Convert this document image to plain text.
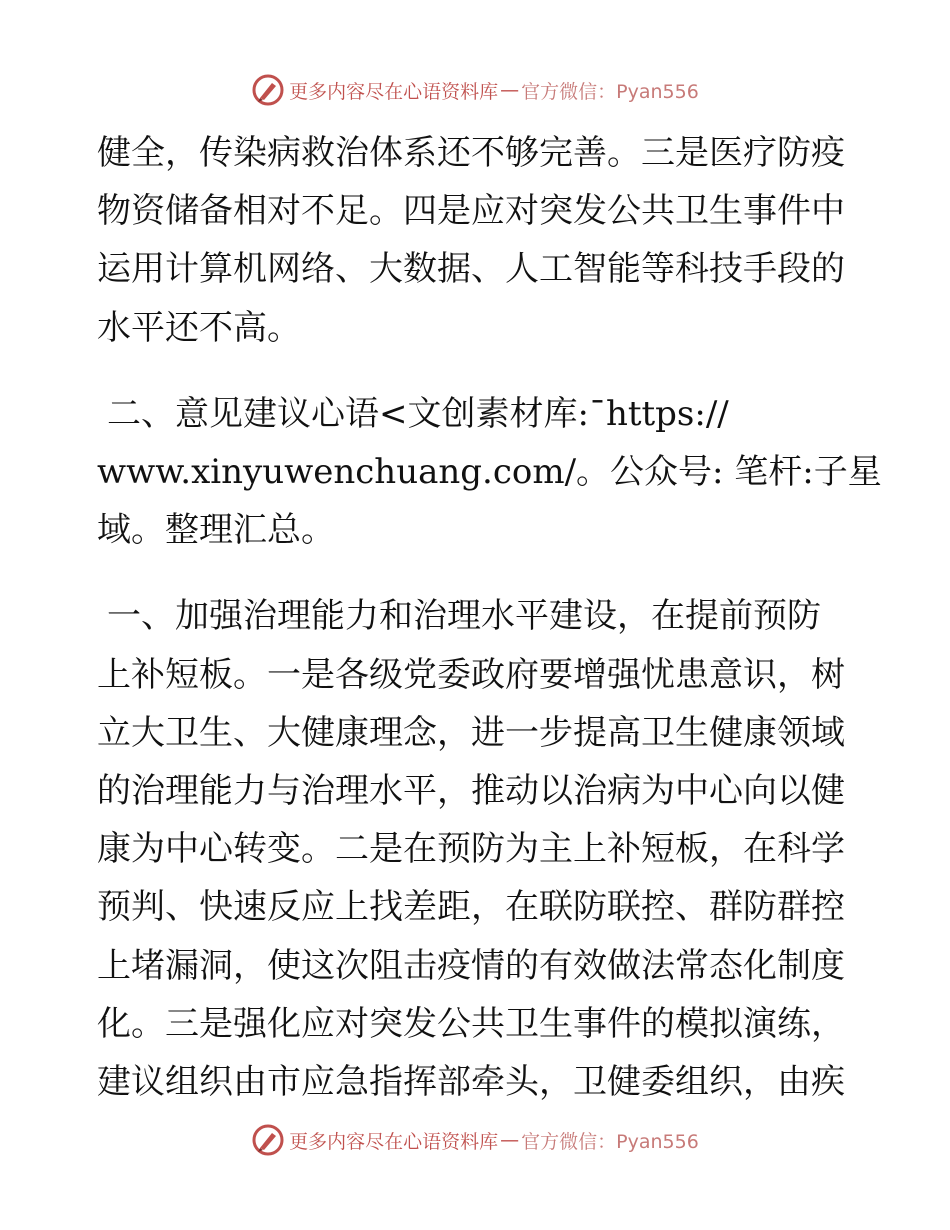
更多内容尽在心语资料库 — 官方微信：Pyan556

健全，传染病救治体系还不够完善。三是医疗防疫

物资储备相对不足。四是应对突发公共卫生事件中

运用计算机网络、大数据、人工智能等科技手段的

水平还不高。

二、意见建议心语<文创素材库:¯https://

www.xinyuwenchuang.com/。公众号: 笔杆:子星

域。整理汇总。

一、加强治理能力和治理水平建设，在提前预防

上补短板。一是各级党委政府要增强忧患意识，树

立大卫生、大健康理念，进一步提高卫生健康领域

的治理能力与治理水平，推动以治病为中心向以健

康为中心转变。二是在预防为主上补短板，在科学

预判、快速反应上找差距，在联防联控、群防群控

上堵漏洞，使这次阻击疫情的有效做法常态化制度

化。三是强化应对突发公共卫生事件的模拟演练，

建议组织由市应急指挥部牵头，卫健委组织，由疾

更多内容尽在心语资料库 — 官方微信：Pyan556
